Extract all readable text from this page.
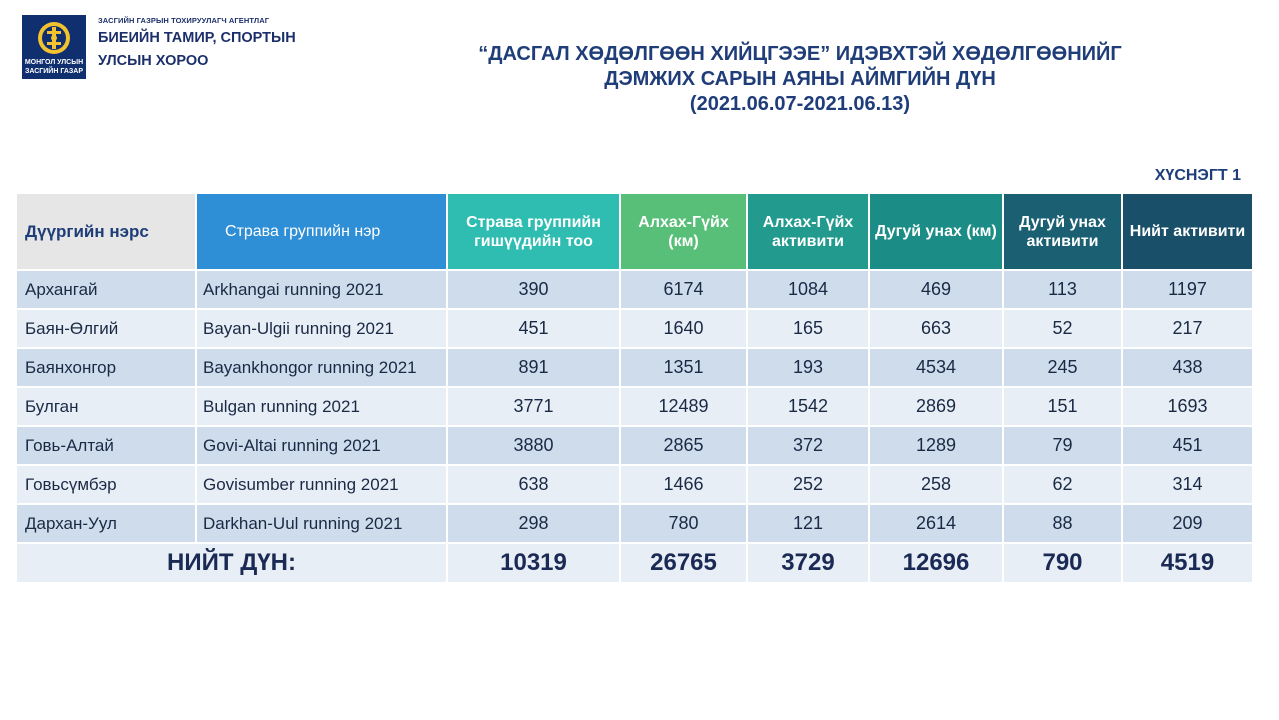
МОНГОЛ УЛСЫН
ЗАСГИЙН ГАЗАР
ЗАСГИЙН ГАЗРЫН ТОХИРУУЛАГЧ АГЕНТЛАГ
БИЕИЙН ТАМИР, СПОРТЫН
УЛСЫН ХОРОО	“ДАСГАЛ ХӨДӨЛГӨӨН ХИЙЦГЭЭЕ” ИДЭВХТЭЙ ХӨДӨЛГӨӨНИЙГ
ДЭМЖИХ САРЫН АЯНЫ АЙМГИЙН ДҮН
(2021.06.07-2021.06.13)
ХҮСНЭГТ 1
Дүүргийн нэрс	Страва группийн нэр	Страва группийн гишүүдийн тоо	Алхах-Гүйх (км)	Алхах-Гүйх активити	Дугуй унах (км)	Дугуй унах активити	Нийт активити
Архангай	Arkhangai running 2021	390	6174	1084	469	113	1197
Баян-Өлгий	Bayan-Ulgii running 2021	451	1640	165	663	52	217
Баянхонгор	Bayankhongor running 2021	891	1351	193	4534	245	438
Булган	Bulgan running 2021	3771	12489	1542	2869	151	1693
Говь-Алтай	Govi-Altai running 2021	3880	2865	372	1289	79	451
Говьсүмбэр	Govisumber running 2021	638	1466	252	258	62	314
Дархан-Уул	Darkhan-Uul running 2021	298	780	121	2614	88	209
НИЙТ ДҮН:		10319	26765	3729	12696	790	4519
